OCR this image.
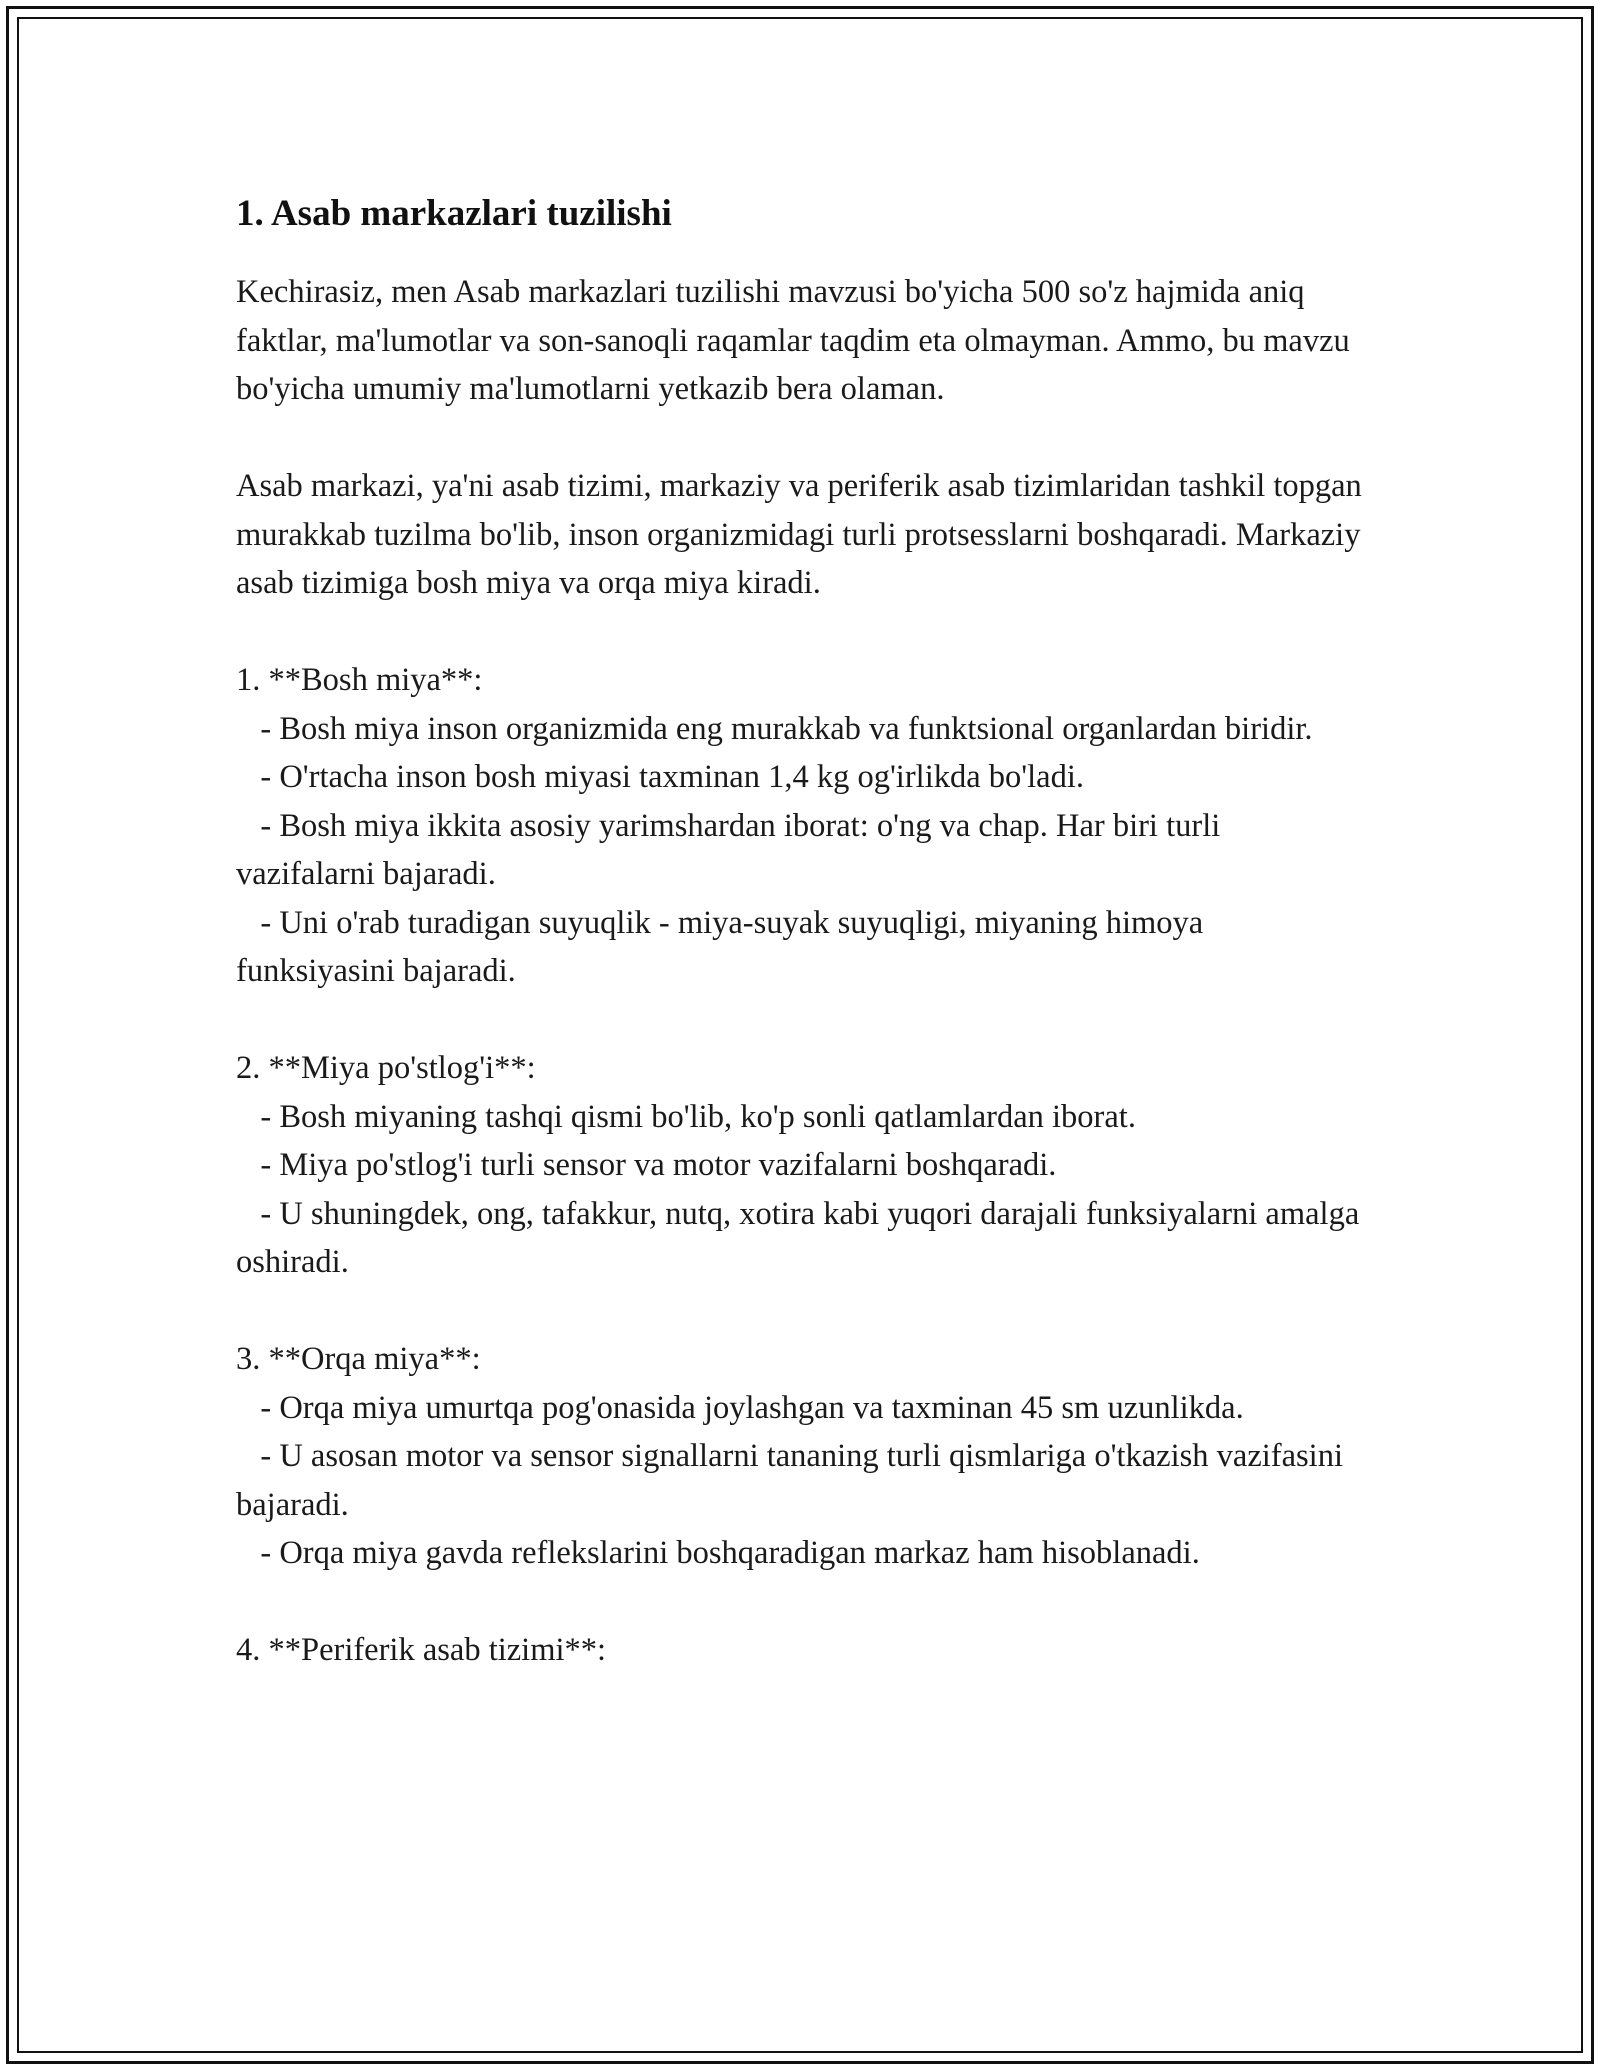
1. Asab markazlari tuzilishi

Kechirasiz, men Asab markazlari tuzilishi mavzusi bo'yicha 500 so'z hajmida aniq faktlar, ma'lumotlar va son-sanoqli raqamlar taqdim eta olmayman. Ammo, bu mavzu bo'yicha umumiy ma'lumotlarni yetkazib bera olaman.

Asab markazi, ya'ni asab tizimi, markaziy va periferik asab tizimlaridan tashkil topgan murakkab tuzilma bo'lib, inson organizmidagi turli protsesslarni boshqaradi. Markaziy asab tizimiga bosh miya va orqa miya kiradi.

1. **Bosh miya**:

- Bosh miya inson organizmida eng murakkab va funktsional organlardan biridir.

- O'rtacha inson bosh miyasi taxminan 1,4 kg og'irlikda bo'ladi.

- Bosh miya ikkita asosiy yarimshardan iborat: o'ng va chap. Har biri turli vazifalarni bajaradi.

- Uni o'rab turadigan suyuqlik - miya-suyak suyuqligi, miyaning himoya funksiyasini bajaradi.

2. **Miya po'stlog'i**:

- Bosh miyaning tashqi qismi bo'lib, ko'p sonli qatlamlardan iborat.

- Miya po'stlog'i turli sensor va motor vazifalarni boshqaradi.

- U shuningdek, ong, tafakkur, nutq, xotira kabi yuqori darajali funksiyalarni amalga oshiradi.

3. **Orqa miya**:

- Orqa miya umurtqa pog'onasida joylashgan va taxminan 45 sm uzunlikda.

- U asosan motor va sensor signallarni tananing turli qismlariga o'tkazish vazifasini bajaradi.

- Orqa miya gavda reflekslarini boshqaradigan markaz ham hisoblanadi.

4. **Periferik asab tizimi**:
